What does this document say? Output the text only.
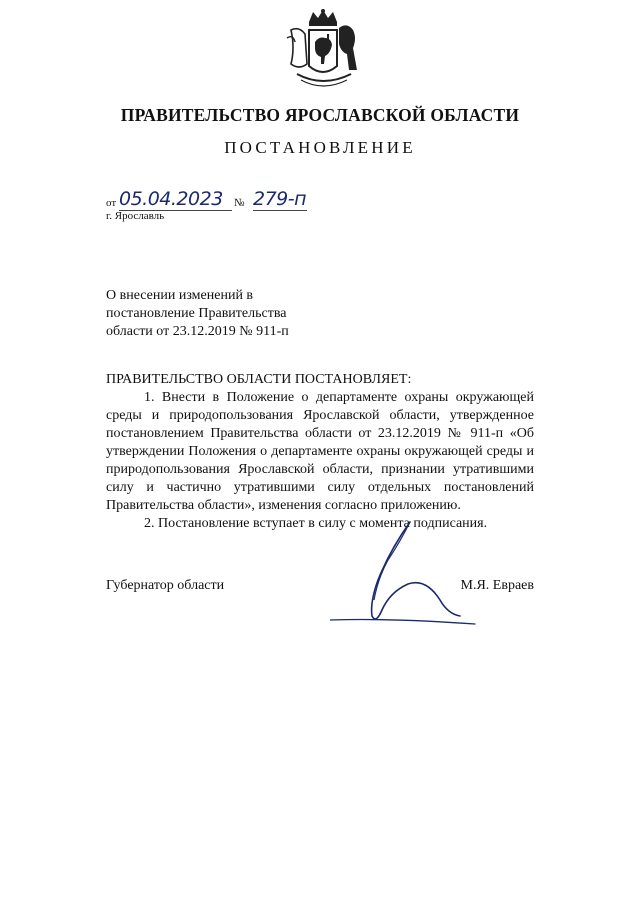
ПРАВИТЕЛЬСТВО ЯРОСЛАВСКОЙ ОБЛАСТИ
ПОСТАНОВЛЕНИЕ
от 05.04.2023 № 279-п
г. Ярославль
О внесении изменений в
постановление Правительства
области от 23.12.2019 № 911-п

ПРАВИТЕЛЬСТВО ОБЛАСТИ ПОСТАНОВЛЯЕТ:

1. Внести в Положение о департаменте охраны окружающей среды и природопользования Ярославской области, утвержденное постановлением Правительства области от 23.12.2019 № 911-п «Об утверждении Положения о департаменте охраны окружающей среды и природопользования Ярославской области, признании утратившими силу и частично утратившими силу отдельных постановлений Правительства области», изменения согласно приложению.

2. Постановление вступает в силу с момента подписания.

Губернатор области	М.Я. Евраев
